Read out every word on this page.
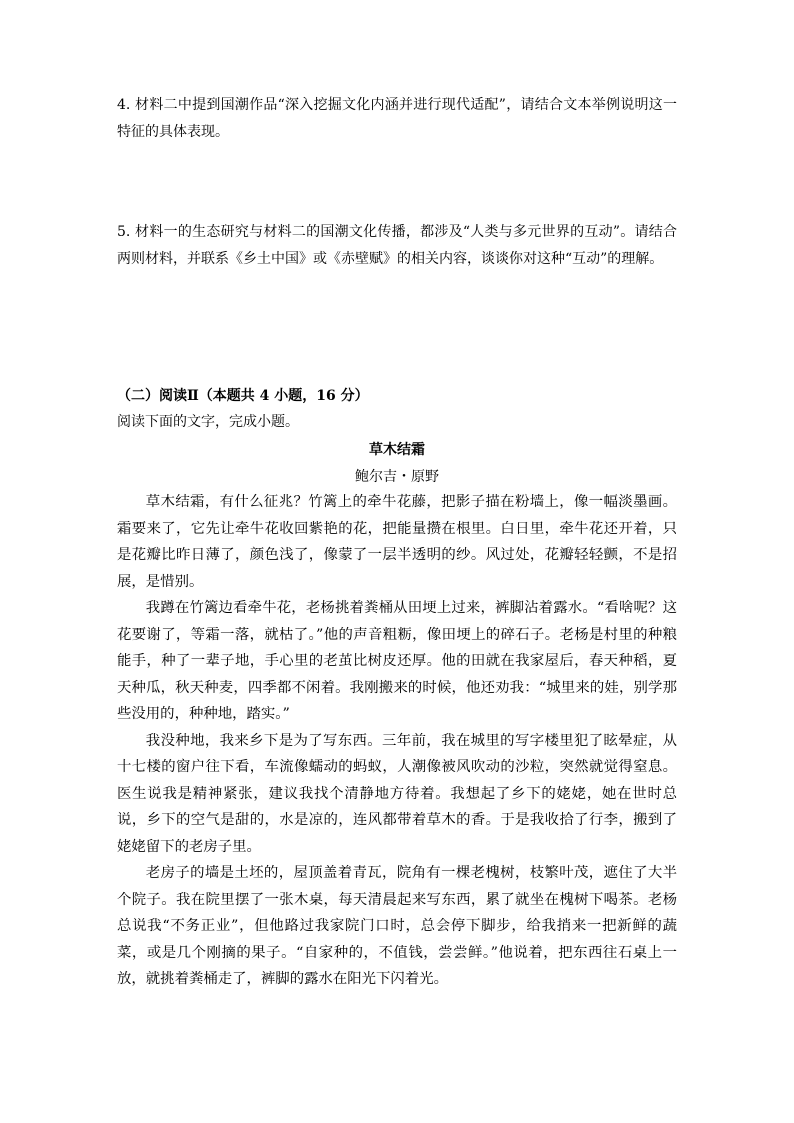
4. 材料二中提到国潮作品“深入挖掘文化内涵并进行现代适配”，请结合文本举例说明这一特征的具体表现。
5. 材料一的生态研究与材料二的国潮文化传播，都涉及“人类与多元世界的互动”。请结合两则材料，并联系《乡土中国》或《赤壁赋》的相关内容，谈谈你对这种“互动”的理解。
（二）阅读Ⅱ（本题共 4 小题，16 分）
阅读下面的文字，完成小题。
草木结霜
鲍尔吉・原野

草木结霜，有什么征兆？竹篱上的牵牛花藤，把影子描在粉墙上，像一幅淡墨画。霜要来了，它先让牵牛花收回紫艳的花，把能量攒在根里。白日里，牵牛花还开着，只是花瓣比昨日薄了，颜色浅了，像蒙了一层半透明的纱。风过处，花瓣轻轻颤，不是招展，是惜别。

我蹲在竹篱边看牵牛花，老杨挑着粪桶从田埂上过来，裤脚沾着露水。“看啥呢？这花要谢了，等霜一落，就枯了。”他的声音粗粝，像田埂上的碎石子。老杨是村里的种粮能手，种了一辈子地，手心里的老茧比树皮还厚。他的田就在我家屋后，春天种稻，夏天种瓜，秋天种麦，四季都不闲着。我刚搬来的时候，他还劝我：“城里来的娃，别学那些没用的，种种地，踏实。”

我没种地，我来乡下是为了写东西。三年前，我在城里的写字楼里犯了眩晕症，从十七楼的窗户往下看，车流像蠕动的蚂蚁，人潮像被风吹动的沙粒，突然就觉得窒息。医生说我是精神紧张，建议我找个清静地方待着。我想起了乡下的姥姥，她在世时总说，乡下的空气是甜的，水是凉的，连风都带着草木的香。于是我收拾了行李，搬到了姥姥留下的老房子里。

老房子的墙是土坯的，屋顶盖着青瓦，院角有一棵老槐树，枝繁叶茂，遮住了大半个院子。我在院里摆了一张木桌，每天清晨起来写东西，累了就坐在槐树下喝茶。老杨总说我“不务正业”，但他路过我家院门口时，总会停下脚步，给我捎来一把新鲜的蔬菜，或是几个刚摘的果子。“自家种的，不值钱，尝尝鲜。”他说着，把东西往石桌上一放，就挑着粪桶走了，裤脚的露水在阳光下闪着光。
